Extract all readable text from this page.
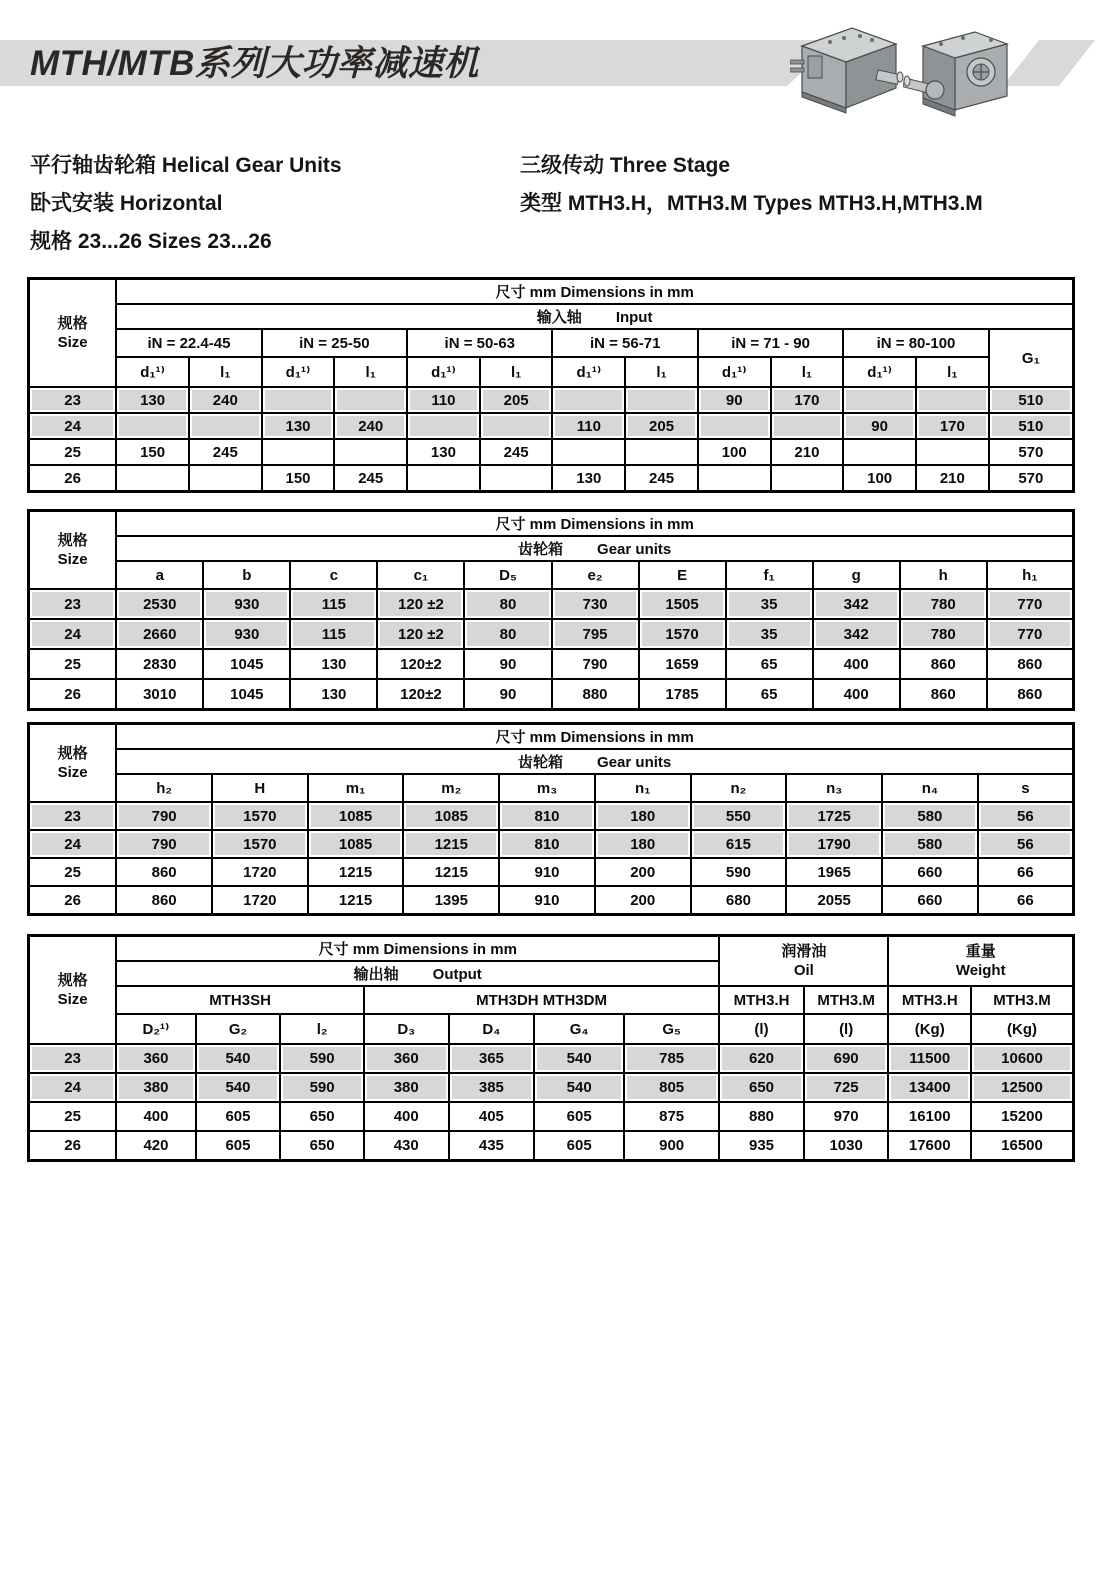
MTH/MTB系列大功率减速机
平行轴齿轮箱 Helical Gear Units
卧式安装 Horizontal
规格 23...26 Sizes 23...26
三级传动 Three Stage
类型 MTH3.H，MTH3.M Types MTH3.H,MTH3.M
规格
Size	尺寸 mm Dimensions in mm												
	输入轴 Input												
	iN = 22.4-45		iN = 25-50		iN = 50-63		iN = 56-71		iN = 71 - 90		iN = 80-100		G₁
	d₁¹⁾	l₁	d₁¹⁾	l₁	d₁¹⁾	l₁	d₁¹⁾	l₁	d₁¹⁾	l₁	d₁¹⁾	l₁	
23	130	240			110	205			90	170			510
24			130	240			110	205			90	170	510
25	150	245			130	245			100	210			570
26			150	245			130	245			100	210	570
规格
Size	尺寸 mm Dimensions in mm										
	齿轮箱 Gear units										
	a	b	c	c₁	D₅	e₂	E	f₁	g	h	h₁
23	2530	930	115	120 ±2	80	730	1505	35	342	780	770
24	2660	930	115	120 ±2	80	795	1570	35	342	780	770
25	2830	1045	130	120±2	90	790	1659	65	400	860	860
26	3010	1045	130	120±2	90	880	1785	65	400	860	860
规格
Size	尺寸 mm Dimensions in mm									
	齿轮箱 Gear units									
	h₂	H	m₁	m₂	m₃	n₁	n₂	n₃	n₄	s
23	790	1570	1085	1085	810	180	550	1725	580	56
24	790	1570	1085	1215	810	180	615	1790	580	56
25	860	1720	1215	1215	910	200	590	1965	660	66
26	860	1720	1215	1395	910	200	680	2055	660	66
规格
Size	尺寸 mm Dimensions in mm							润滑油
Oil		重量
Weight	
	输出轴 Output										
	MTH3SH			MTH3DH MTH3DM				MTH3.H	MTH3.M	MTH3.H	MTH3.M
	D₂¹⁾	G₂	l₂	D₃	D₄	G₄	G₅	(l)	(l)	(Kg)	(Kg)
23	360	540	590	360	365	540	785	620	690	11500	10600
24	380	540	590	380	385	540	805	650	725	13400	12500
25	400	605	650	400	405	605	875	880	970	16100	15200
26	420	605	650	430	435	605	900	935	1030	17600	16500
